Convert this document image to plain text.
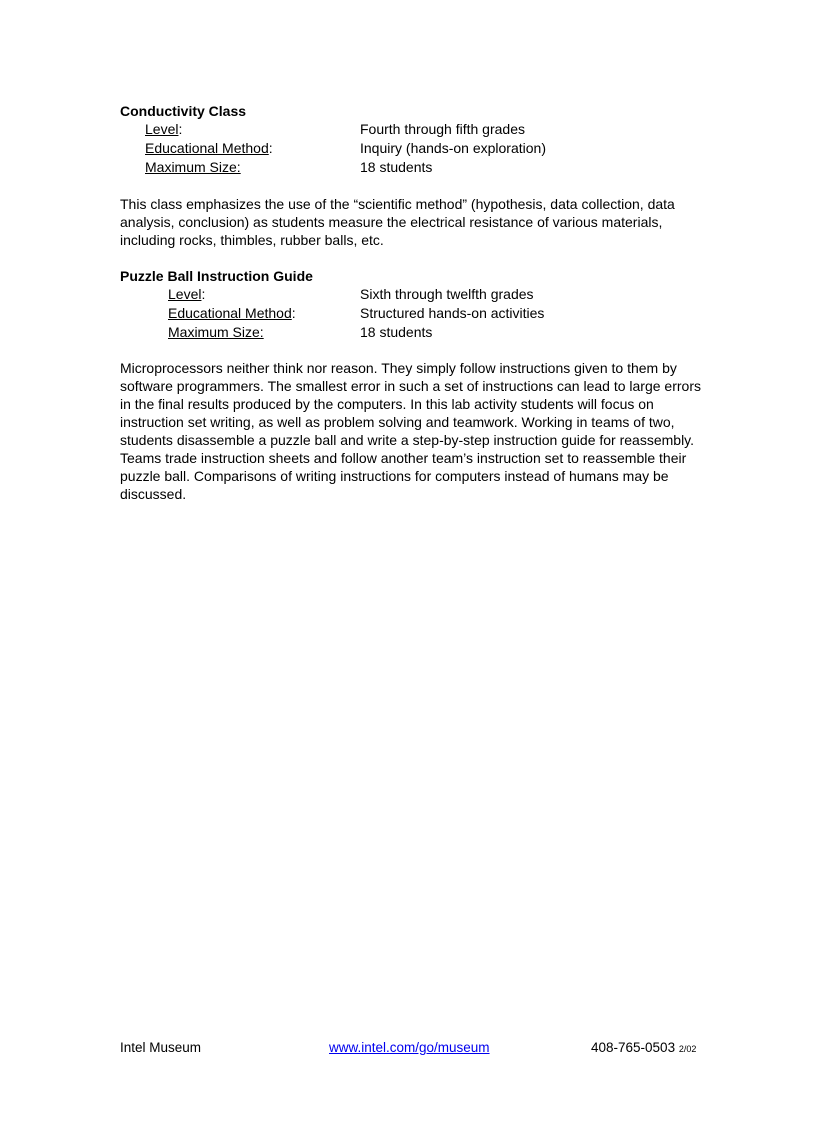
Conductivity Class
Level:	Fourth through fifth grades
Educational Method:	Inquiry (hands-on exploration)
Maximum Size:	18 students

This class emphasizes the use of the “scientific method” (hypothesis, data collection, data analysis, conclusion) as students measure the electrical resistance of various materials, including rocks, thimbles, rubber balls, etc.

Puzzle Ball Instruction Guide
Level:	Sixth through twelfth grades
Educational Method:	Structured hands-on activities
Maximum Size:	18 students

Microprocessors neither think nor reason. They simply follow instructions given to them by software programmers. The smallest error in such a set of instructions can lead to large errors in the final results produced by the computers. In this lab activity students will focus on instruction set writing, as well as problem solving and teamwork. Working in teams of two, students disassemble a puzzle ball and write a step-by-step instruction guide for reassembly. Teams trade instruction sheets and follow another team’s instruction set to reassemble their puzzle ball. Comparisons of writing instructions for computers instead of humans may be discussed.

Intel Museum	www.intel.com/go/museum	408-765-0503 2/02
